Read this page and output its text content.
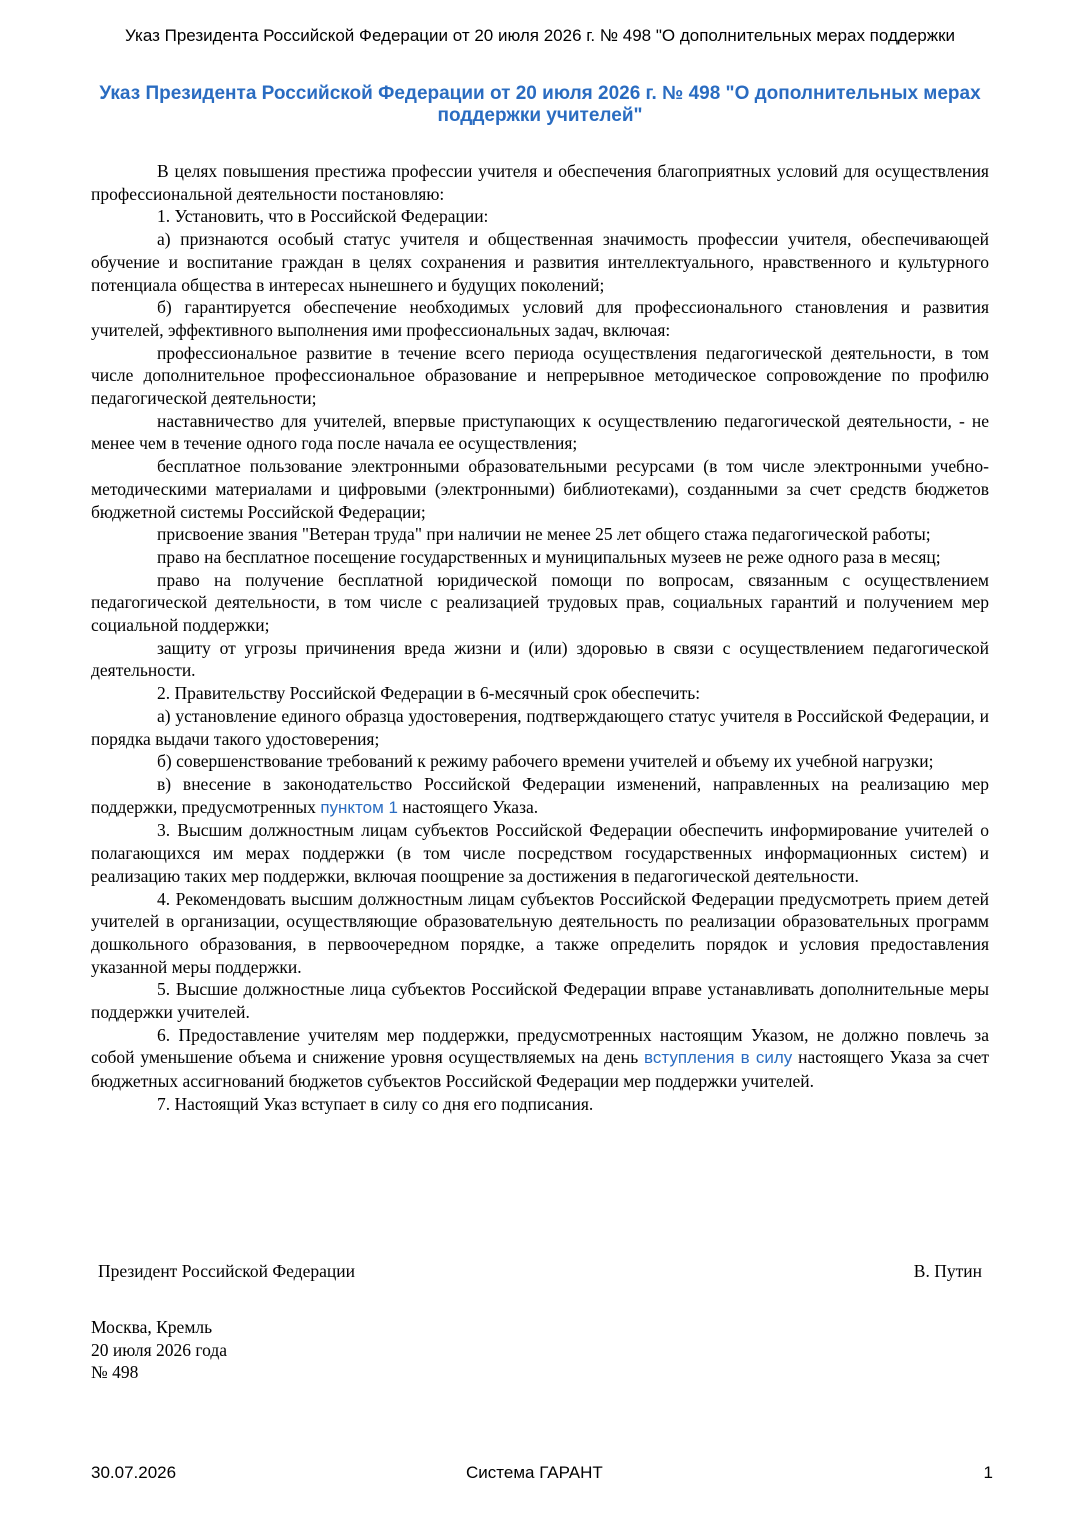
Указ Президента Российской Федерации от 20 июля 2026 г. № 498 "О дополнительных мерах поддержки
Указ Президента Российской Федерации от 20 июля 2026 г. № 498 "О дополнительных мерах поддержки учителей"

В целях повышения престижа профессии учителя и обеспечения благоприятных условий для осуществления профессиональной деятельности постановляю:

1. Установить, что в Российской Федерации:

а) признаются особый статус учителя и общественная значимость профессии учителя, обеспечивающей обучение и воспитание граждан в целях сохранения и развития интеллектуального, нравственного и культурного потенциала общества в интересах нынешнего и будущих поколений;

б) гарантируется обеспечение необходимых условий для профессионального становления и развития учителей, эффективного выполнения ими профессиональных задач, включая:

профессиональное развитие в течение всего периода осуществления педагогической деятельности, в том числе дополнительное профессиональное образование и непрерывное методическое сопровождение по профилю педагогической деятельности;

наставничество для учителей, впервые приступающих к осуществлению педагогической деятельности, - не менее чем в течение одного года после начала ее осуществления;

бесплатное пользование электронными образовательными ресурсами (в том числе электронными учебно-методическими материалами и цифровыми (электронными) библиотеками), созданными за счет средств бюджетов бюджетной системы Российской Федерации;

присвоение звания "Ветеран труда" при наличии не менее 25 лет общего стажа педагогической работы;

право на бесплатное посещение государственных и муниципальных музеев не реже одного раза в месяц;

право на получение бесплатной юридической помощи по вопросам, связанным с осуществлением педагогической деятельности, в том числе с реализацией трудовых прав, социальных гарантий и получением мер социальной поддержки;

защиту от угрозы причинения вреда жизни и (или) здоровью в связи с осуществлением педагогической деятельности.

2. Правительству Российской Федерации в 6-месячный срок обеспечить:

а) установление единого образца удостоверения, подтверждающего статус учителя в Российской Федерации, и порядка выдачи такого удостоверения;

б) совершенствование требований к режиму рабочего времени учителей и объему их учебной нагрузки;

в) внесение в законодательство Российской Федерации изменений, направленных на реализацию мер поддержки, предусмотренных пунктом 1 настоящего Указа.

3. Высшим должностным лицам субъектов Российской Федерации обеспечить информирование учителей о полагающихся им мерах поддержки (в том числе посредством государственных информационных систем) и реализацию таких мер поддержки, включая поощрение за достижения в педагогической деятельности.

4. Рекомендовать высшим должностным лицам субъектов Российской Федерации предусмотреть прием детей учителей в организации, осуществляющие образовательную деятельность по реализации образовательных программ дошкольного образования, в первоочередном порядке, а также определить порядок и условия предоставления указанной меры поддержки.

5. Высшие должностные лица субъектов Российской Федерации вправе устанавливать дополнительные меры поддержки учителей.

6. Предоставление учителям мер поддержки, предусмотренных настоящим Указом, не должно повлечь за собой уменьшение объема и снижение уровня осуществляемых на день вступления в силу настоящего Указа за счет бюджетных ассигнований бюджетов субъектов Российской Федерации мер поддержки учителей.

7. Настоящий Указ вступает в силу со дня его подписания.

Президент Российской Федерации	В. Путин
Москва, Кремль
20 июля 2026 года
№ 498
30.07.2026	Система ГАРАНТ	1
